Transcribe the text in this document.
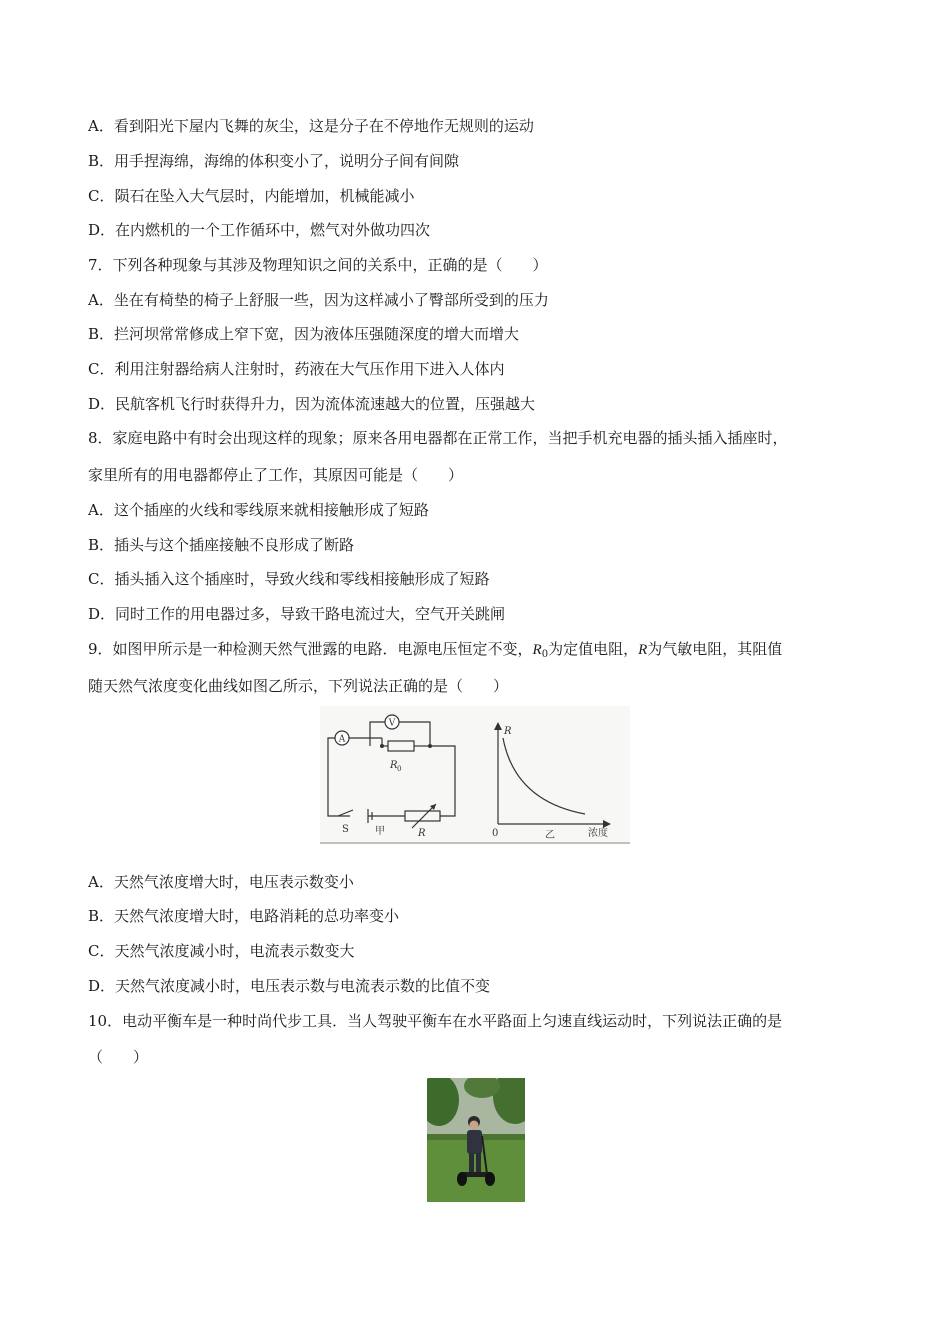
A．看到阳光下屋内飞舞的灰尘，这是分子在不停地作无规则的运动
B．用手捏海绵，海绵的体积变小了，说明分子间有间隙
C．陨石在坠入大气层时，内能增加，机械能减小
D．在内燃机的一个工作循环中，燃气对外做功四次
7．下列各种现象与其涉及物理知识之间的关系中，正确的是（　　）
A．坐在有椅垫的椅子上舒服一些，因为这样减小了臀部所受到的压力
B．拦河坝常常修成上窄下宽，因为液体压强随深度的增大而增大
C．利用注射器给病人注射时，药液在大气压作用下进入人体内
D．民航客机飞行时获得升力，因为流体流速越大的位置，压强越大
8．家庭电路中有时会出现这样的现象；原来各用电器都在正常工作，当把手机充电器的插头插入插座时，
家里所有的用电器都停止了工作，其原因可能是（　　）
A．这个插座的火线和零线原来就相接触形成了短路
B．插头与这个插座接触不良形成了断路
C．插头插入这个插座时，导致火线和零线相接触形成了短路
D．同时工作的用电器过多，导致干路电流过大，空气开关跳闸
9．如图甲所示是一种检测天然气泄露的电路．电源电压恒定不变，$R_0$为定值电阻，R为气敏电阻，其阻值
随天然气浓度变化曲线如图乙所示，下列说法正确的是（　　）
A
V
R 0
S	甲	R
R
0	乙	浓度
A．天然气浓度增大时，电压表示数变小
B．天然气浓度增大时，电路消耗的总功率变小
C．天然气浓度减小时，电流表示数变大
D．天然气浓度减小时，电压表示数与电流表示数的比值不变
10．电动平衡车是一种时尚代步工具．当人驾驶平衡车在水平路面上匀速直线运动时，下列说法正确的是
（　　）
